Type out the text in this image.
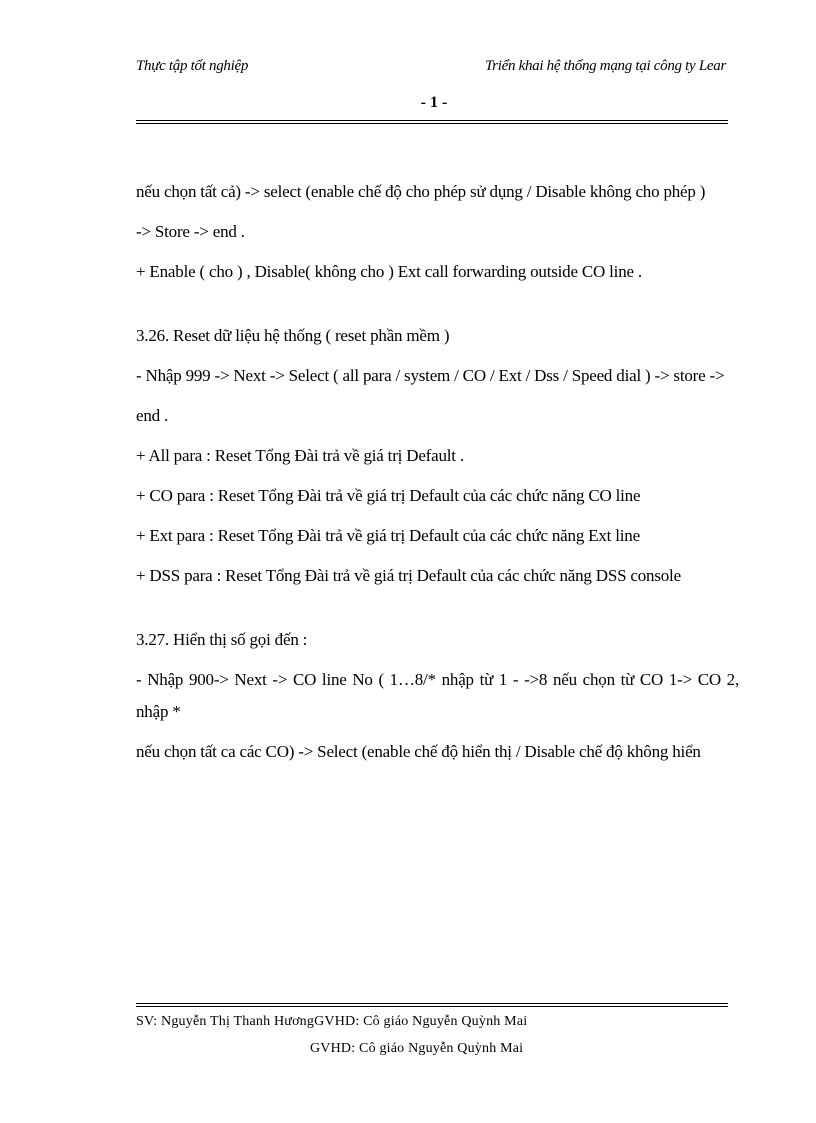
Thực tập tốt nghiệp	Triển khai hệ thống mạng tại công ty Lear
- 1 -

nếu chọn tất cả) -> select (enable chế độ cho phép sử dụng / Disable không cho phép )

-> Store -> end .

+ Enable ( cho ) , Disable( không cho ) Ext call forwarding outside CO line .

3.26. Reset dữ liệu hệ thống ( reset phần mềm )

- Nhập 999 -> Next -> Select ( all para / system / CO / Ext / Dss / Speed dial ) -> store ->

end .

+ All para : Reset Tổng Đài trả về giá trị Default .

+ CO para : Reset Tổng Đài trả về giá trị Default của các chức năng CO line

+ Ext para : Reset Tổng Đài trả về giá trị Default của các chức năng Ext line

+ DSS para : Reset Tổng Đài trả về giá trị Default của các chức năng DSS console

3.27. Hiển thị số gọi đến :

- Nhập 900-> Next -> CO line No ( 1…8/* nhập từ 1 - ->8 nếu chọn từ CO 1-> CO 2, nhập *

nếu chọn tất ca các CO) -> Select (enable chế độ hiển thị / Disable chế độ không hiển

SV: Nguyễn Thị Thanh HươngGVHD: Cô giáo Nguyễn Quỳnh Mai
GVHD: Cô giáo Nguyễn Quỳnh Mai
